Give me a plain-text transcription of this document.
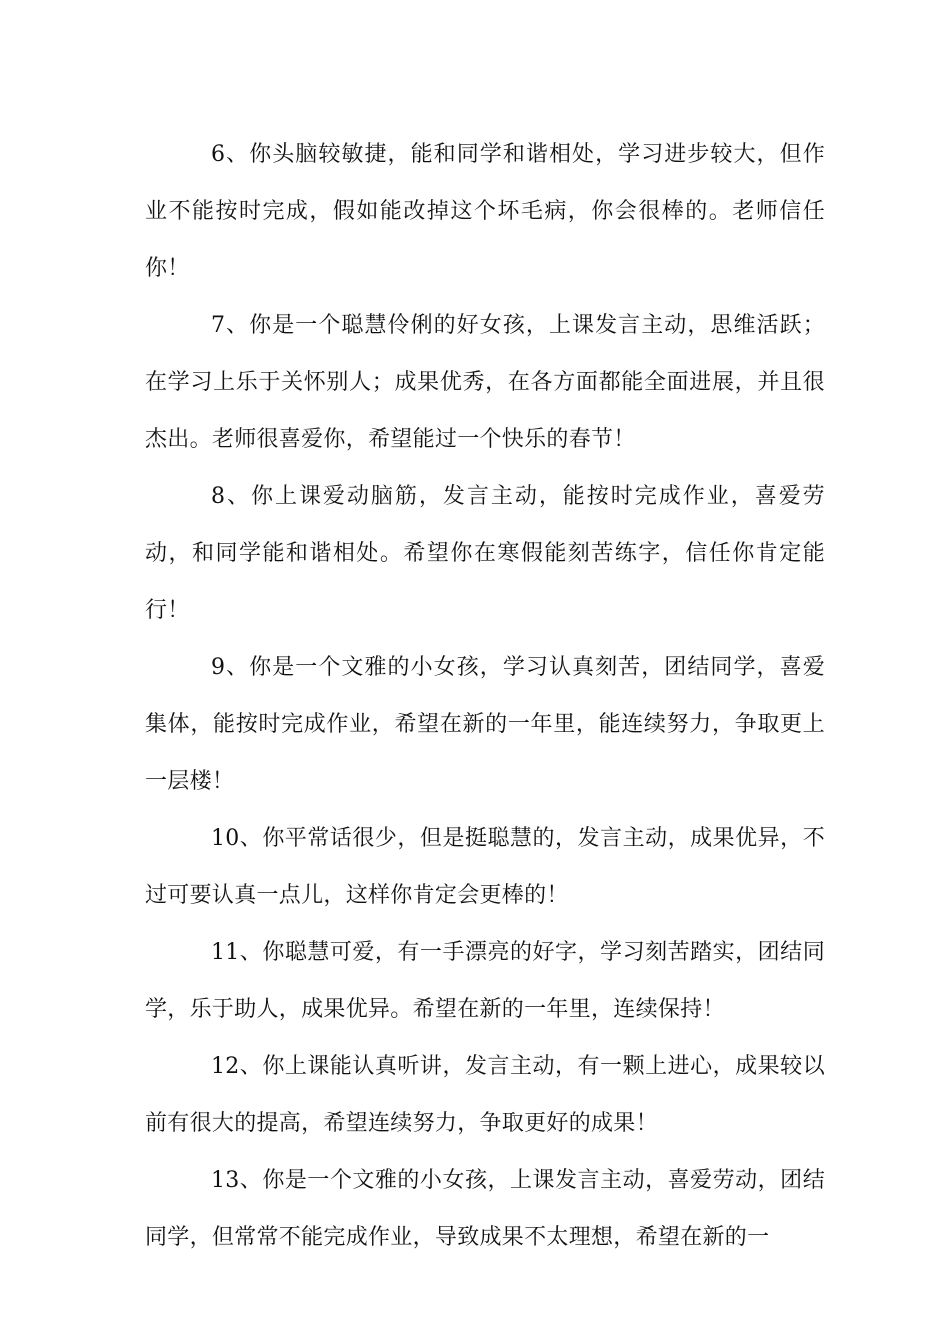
6、你头脑较敏捷，能和同学和谐相处，学习进步较大，但作业不能按时完成，假如能改掉这个坏毛病，你会很棒的。老师信任你！

7、你是一个聪慧伶俐的好女孩，上课发言主动，思维活跃；在学习上乐于关怀别人；成果优秀，在各方面都能全面进展，并且很杰出。老师很喜爱你，希望能过一个快乐的春节！

8、你上课爱动脑筋，发言主动，能按时完成作业，喜爱劳动，和同学能和谐相处。希望你在寒假能刻苦练字，信任你肯定能行！

9、你是一个文雅的小女孩，学习认真刻苦，团结同学，喜爱集体，能按时完成作业，希望在新的一年里，能连续努力，争取更上一层楼！

10、你平常话很少，但是挺聪慧的，发言主动，成果优异，不过可要认真一点儿，这样你肯定会更棒的！

11、你聪慧可爱，有一手漂亮的好字，学习刻苦踏实，团结同学，乐于助人，成果优异。希望在新的一年里，连续保持！

12、你上课能认真听讲，发言主动，有一颗上进心，成果较以前有很大的提高，希望连续努力，争取更好的成果！

13、你是一个文雅的小女孩，上课发言主动，喜爱劳动，团结同学，但常常不能完成作业，导致成果不太理想，希望在新的一
